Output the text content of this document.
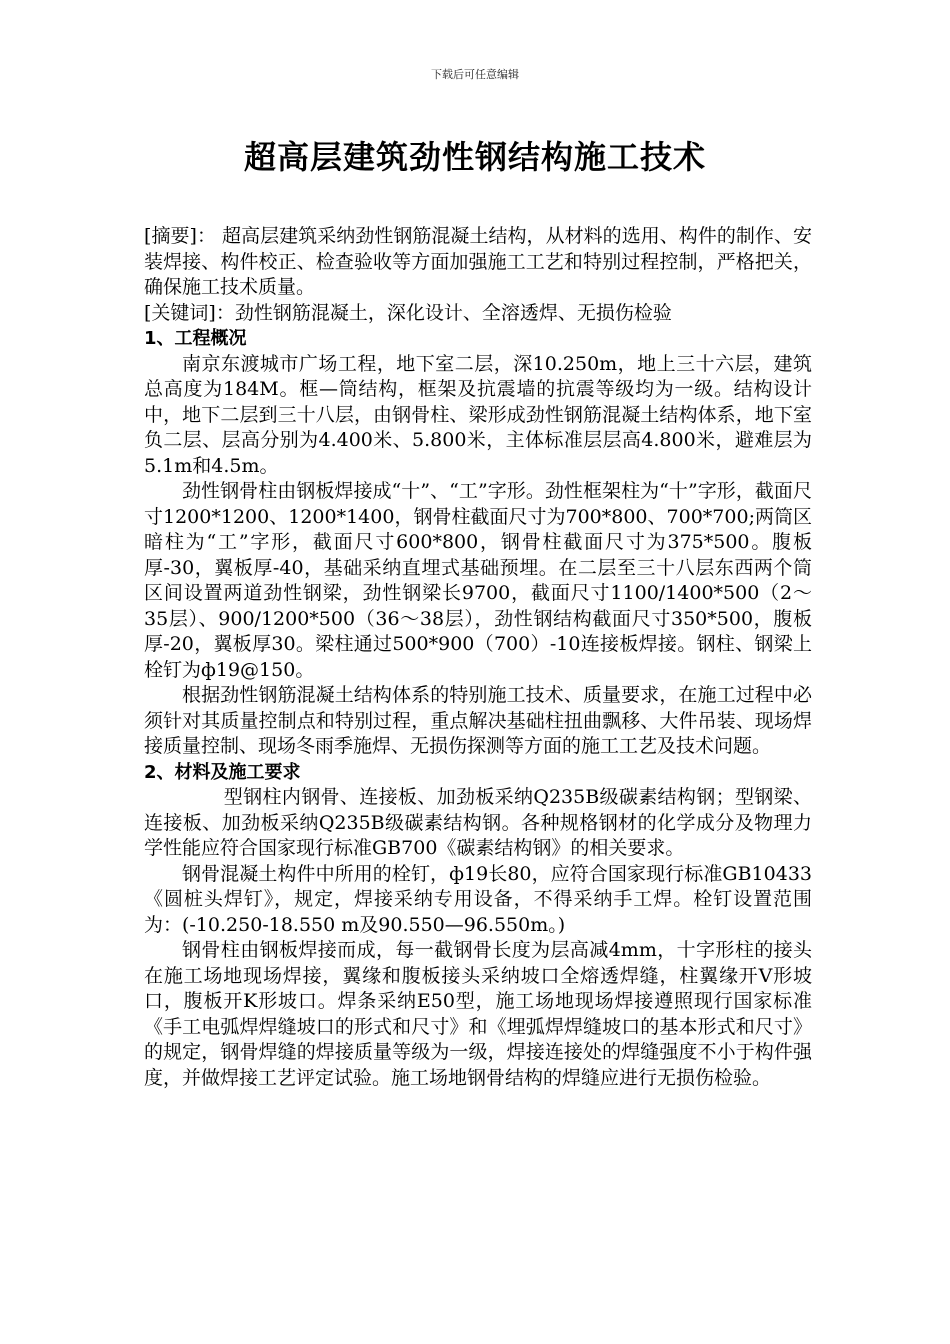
下载后可任意编辑
超高层建筑劲性钢结构施工技术

[摘要]： 超高层建筑采纳劲性钢筋混凝土结构，从材料的选用、构件的制作、安装焊接、构件校正、检查验收等方面加强施工工艺和特别过程控制，严格把关，确保施工技术质量。

[关键词]：劲性钢筋混凝土，深化设计、全溶透焊、无损伤检验

1、工程概况

南京东渡城市广场工程，地下室二层，深10.250m，地上三十六层，建筑总高度为184M。框—筒结构，框架及抗震墙的抗震等级均为一级。结构设计中，地下二层到三十八层，由钢骨柱、梁形成劲性钢筋混凝土结构体系，地下室负二层、层高分别为4.400米、5.800米，主体标准层层高4.800米，避难层为5.1m和4.5m。

劲性钢骨柱由钢板焊接成“十”、“工”字形。劲性框架柱为“十”字形，截面尺寸1200*1200、1200*1400，钢骨柱截面尺寸为700*800、700*700;两筒区暗柱为“工”字形，截面尺寸600*800，钢骨柱截面尺寸为375*500。腹板厚-30，翼板厚-40，基础采纳直埋式基础预埋。在二层至三十八层东西两个筒区间设置两道劲性钢梁，劲性钢梁长9700，截面尺寸1100/1400*500（2～35层）、900/1200*500（36～38层），劲性钢结构截面尺寸350*500，腹板厚-20，翼板厚30。梁柱通过500*900（700）-10连接板焊接。钢柱、钢梁上栓钉为ф19@150。

根据劲性钢筋混凝土结构体系的特别施工技术、质量要求，在施工过程中必须针对其质量控制点和特别过程，重点解决基础柱扭曲飘移、大件吊装、现场焊接质量控制、现场冬雨季施焊、无损伤探测等方面的施工工艺及技术问题。

2、材料及施工要求

型钢柱内钢骨、连接板、加劲板采纳Q235B级碳素结构钢；型钢梁、连接板、加劲板采纳Q235B级碳素结构钢。各种规格钢材的化学成分及物理力学性能应符合国家现行标准GB700《碳素结构钢》的相关要求。

钢骨混凝土构件中所用的栓钉，ф19长80，应符合国家现行标准GB10433《圆桩头焊钉》，规定，焊接采纳专用设备，不得采纳手工焊。栓钉设置范围为：(-10.250-18.550 m及90.550—96.550m。)

钢骨柱由钢板焊接而成，每一截钢骨长度为层高减4mm，十字形柱的接头在施工场地现场焊接，翼缘和腹板接头采纳坡口全熔透焊缝，柱翼缘开V形坡口，腹板开K形坡口。焊条采纳E50型，施工场地现场焊接遵照现行国家标准《手工电弧焊焊缝坡口的形式和尺寸》和《埋弧焊焊缝坡口的基本形式和尺寸》的规定，钢骨焊缝的焊接质量等级为一级，焊接连接处的焊缝强度不小于构件强度，并做焊接工艺评定试验。施工场地钢骨结构的焊缝应进行无损伤检验。
